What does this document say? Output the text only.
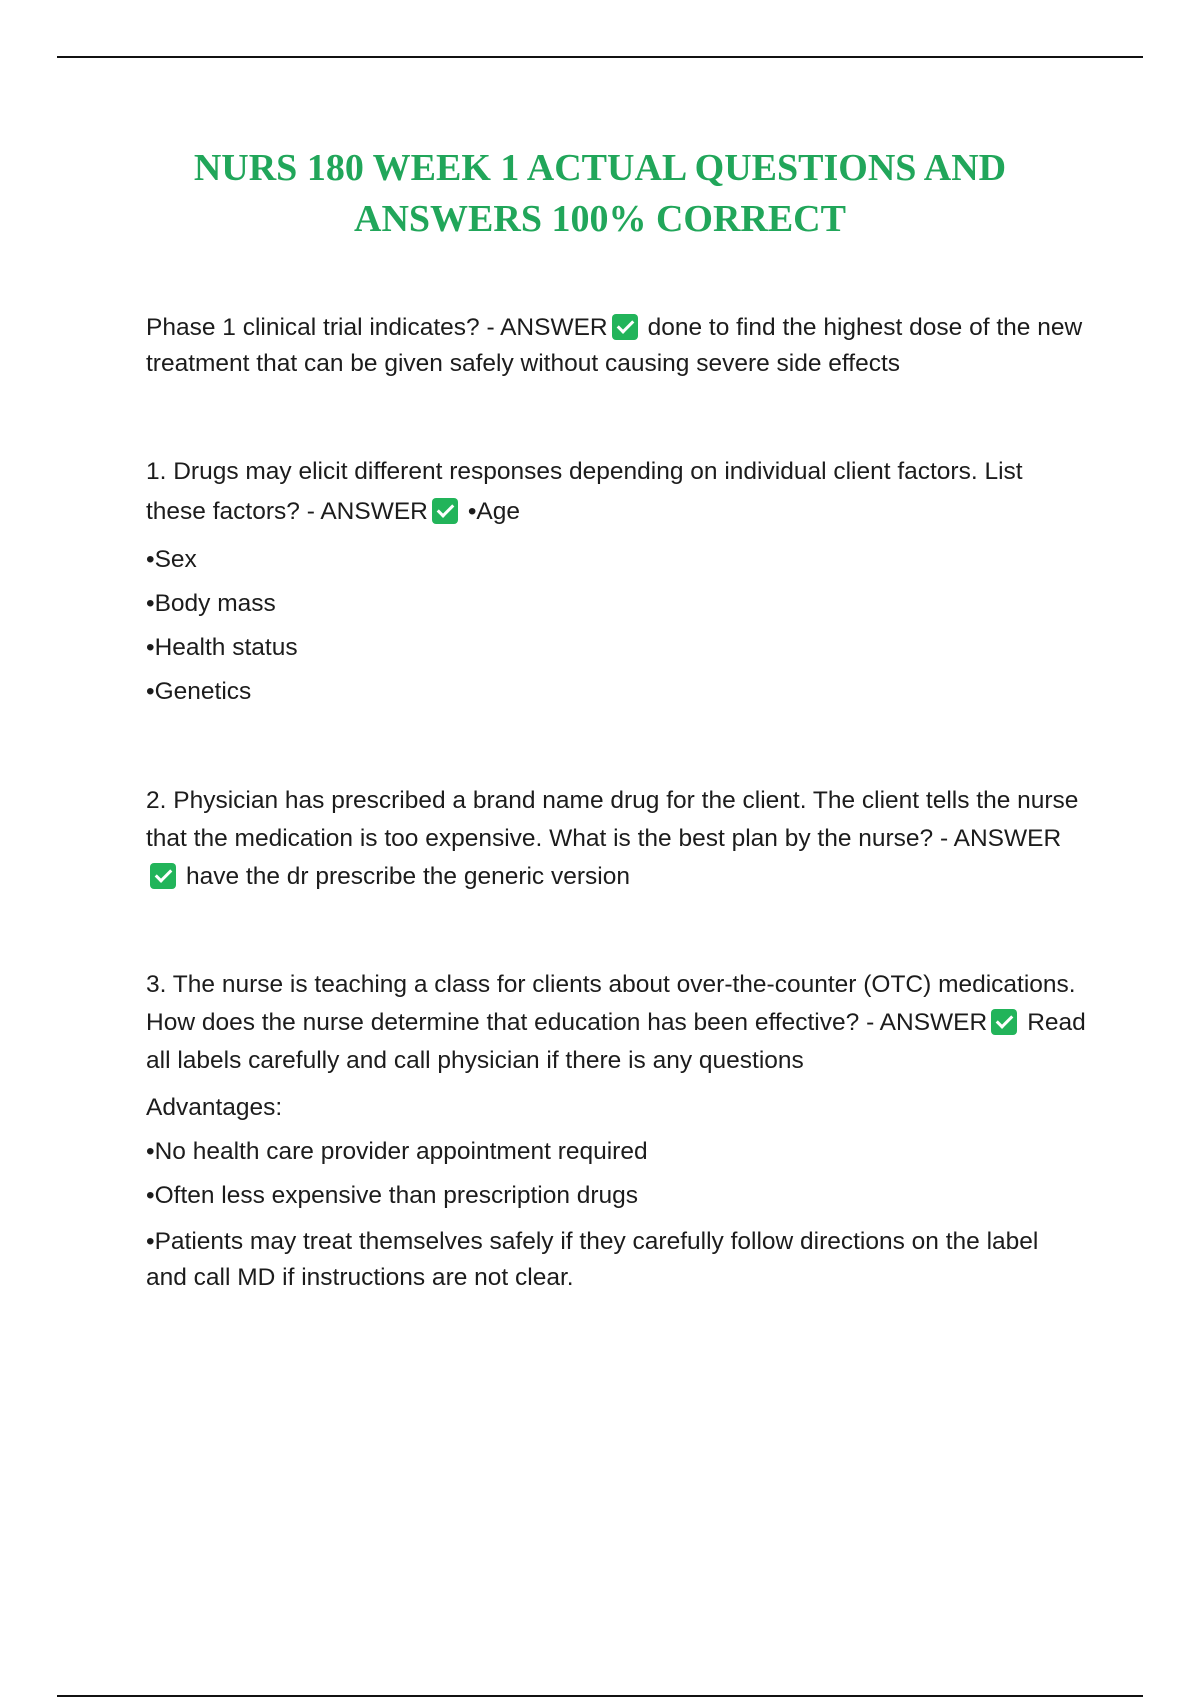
NURS 180 WEEK 1 ACTUAL QUESTIONS AND
ANSWERS 100% CORRECT

Phase 1 clinical trial indicates? - ANSWER done to find the highest dose of the new treatment that can be given safely without causing severe side effects

1. Drugs may elicit different responses depending on individual client factors. List these factors? - ANSWER •Age

•Sex

•Body mass

•Health status

•Genetics

2. Physician has prescribed a brand name drug for the client. The client tells the nurse that the medication is too expensive. What is the best plan by the nurse? - ANSWERhave the dr prescribe the generic version

3. The nurse is teaching a class for clients about over-the-counter (OTC) medications. How does the nurse determine that education has been effective? - ANSWER Read all labels carefully and call physician if there is any questions

Advantages:

•No health care provider appointment required

•Often less expensive than prescription drugs

•Patients may treat themselves safely if they carefully follow directions on the label and call MD if instructions are not clear.
